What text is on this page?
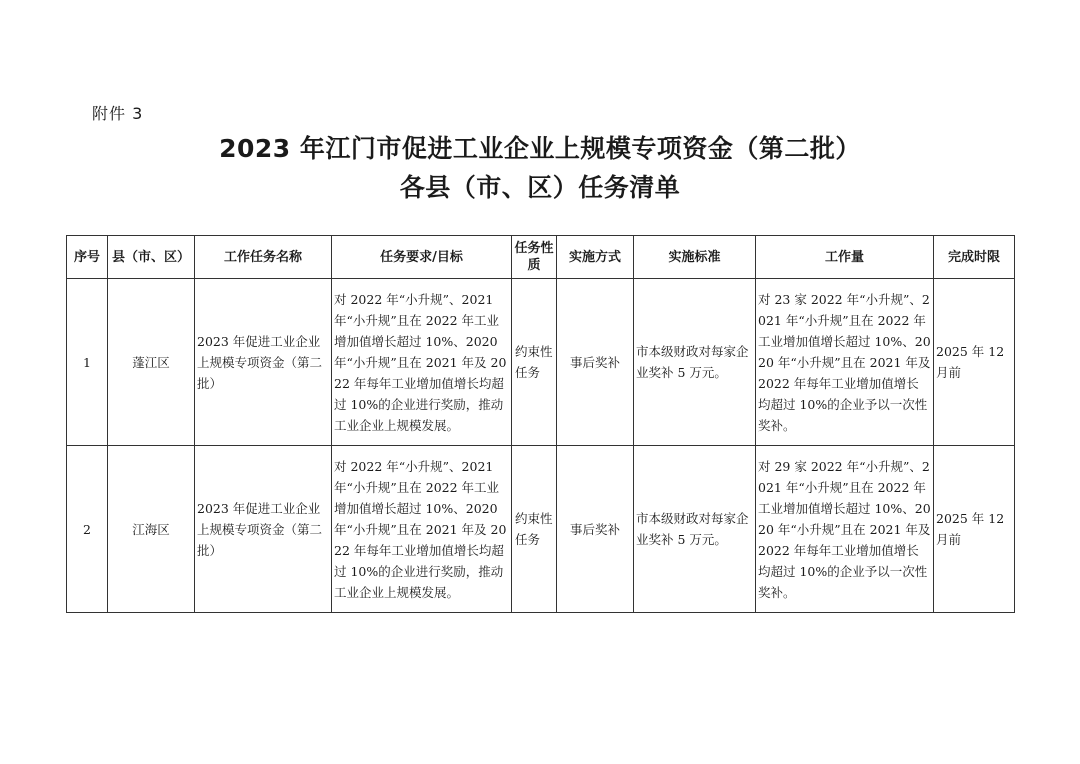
附件 3
2023 年江门市促进工业企业上规模专项资金（第二批）
各县（市、区）任务清单
序号	县（市、区）	工作任务名称	任务要求/目标	任务性质	实施方式	实施标准	工作量	完成时限
1	蓬江区	2023 年促进工业企业上规模专项资金（第二批）	对 2022 年“小升规”、2021 年“小升规”且在 2022 年工业增加值增长超过 10%、2020 年“小升规”且在 2021 年及 2022 年每年工业增加值增长均超过 10%的企业进行奖励，推动工业企业上规模发展。	约束性任务	事后奖补	市本级财政对每家企业奖补 5 万元。	对 23 家 2022 年“小升规”、2021 年“小升规”且在 2022 年工业增加值增长超过 10%、2020 年“小升规”且在 2021 年及 2022 年每年工业增加值增长均超过 10%的企业予以一次性奖补。	2025 年 12 月前
2	江海区	2023 年促进工业企业上规模专项资金（第二批）	对 2022 年“小升规”、2021 年“小升规”且在 2022 年工业增加值增长超过 10%、2020 年“小升规”且在 2021 年及 2022 年每年工业增加值增长均超过 10%的企业进行奖励，推动工业企业上规模发展。	约束性任务	事后奖补	市本级财政对每家企业奖补 5 万元。	对 29 家 2022 年“小升规”、2021 年“小升规”且在 2022 年工业增加值增长超过 10%、2020 年“小升规”且在 2021 年及 2022 年每年工业增加值增长均超过 10%的企业予以一次性奖补。	2025 年 12 月前
